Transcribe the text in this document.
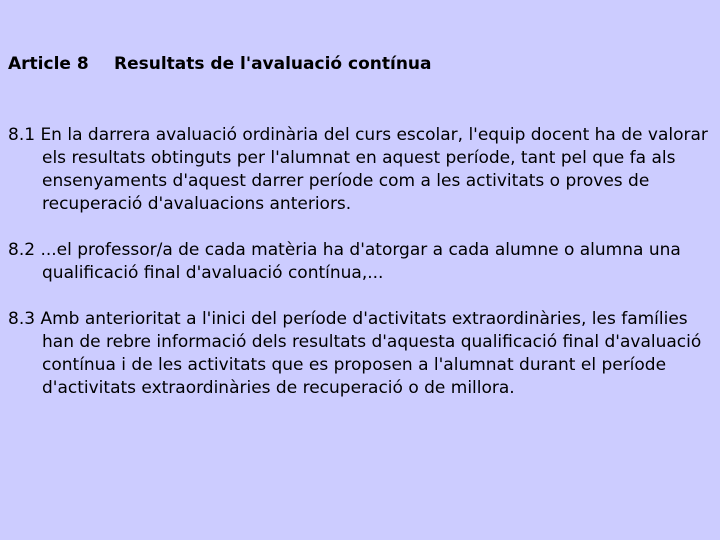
Article 8 Resultats de l'avaluació contínua

8.1 En la darrera avaluació ordinària del curs escolar, l'equip docent ha de valorar els resultats obtinguts per l'alumnat en aquest període, tant pel que fa als ensenyaments d'aquest darrer període com a les activitats o proves de recuperació d'avaluacions anteriors.

8.2 ...el professor/a de cada matèria ha d'atorgar a cada alumne o alumna una qualificació final d'avaluació contínua,...

8.3 Amb anterioritat a l'inici del període d'activitats extraordinàries, les famílies han de rebre informació dels resultats d'aquesta qualificació final d'avaluació contínua i de les activitats que es proposen a l'alumnat durant el període d'activitats extraordinàries de recuperació o de millora.
